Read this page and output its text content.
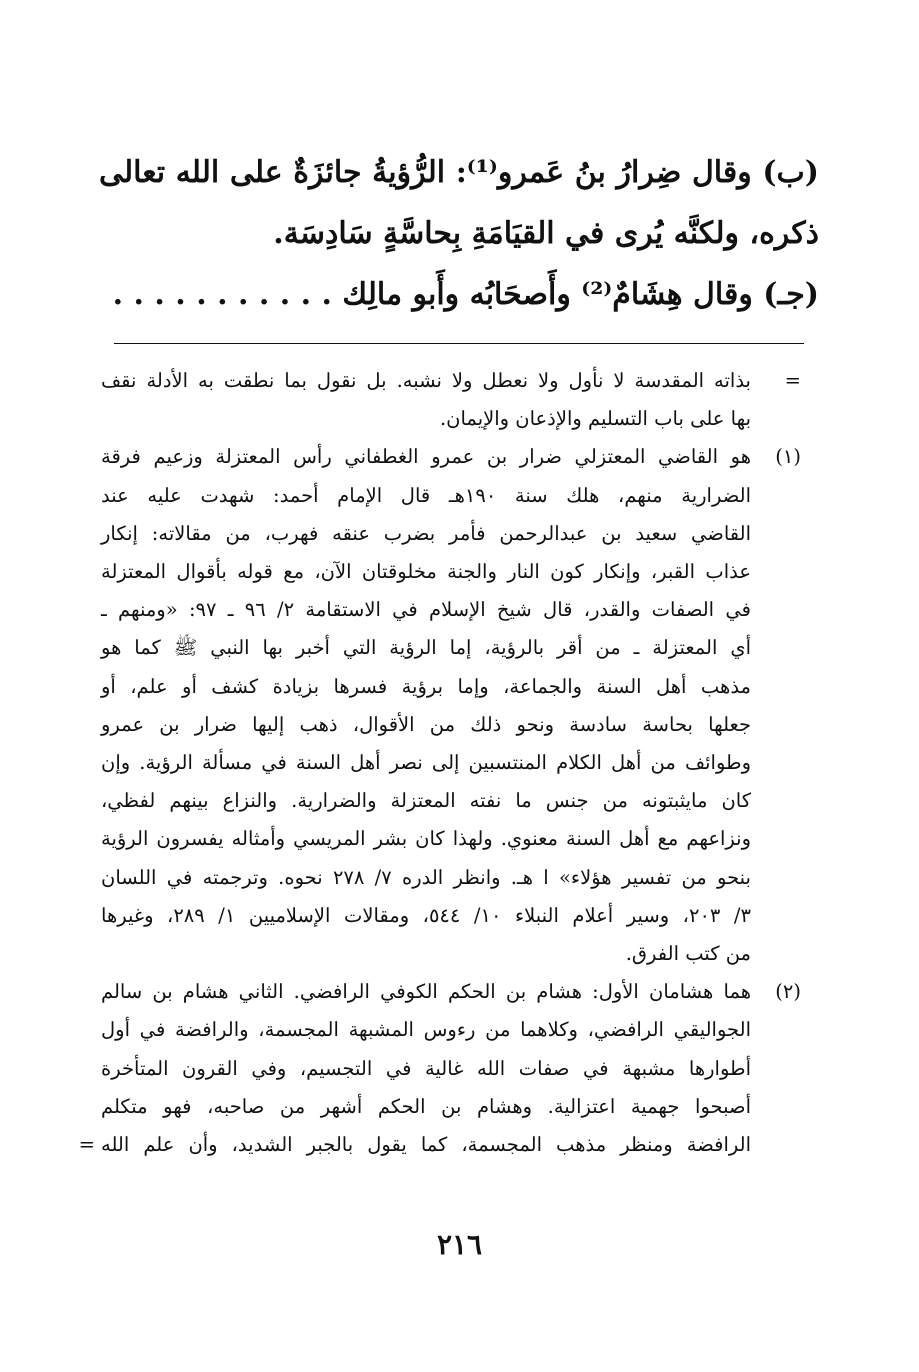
(ب) وقال ضِرارُ بنُ عَمرو⁽¹⁾: الرُّؤيةُ جائزَةٌ على الله تعالى
ذكره، ولكنَّه يُرى في القيَامَةِ بِحاسَّةٍ سَادِسَة.
(جـ) وقال هِشَامٌ⁽²⁾ وأَصحَابُه وأَبو مالِك . . . . . . . . . . .
=
بذاته المقدسة لا نأول ولا نعطل ولا نشبه. بل نقول بما نطقت به الأدلة نقف
بها على باب التسليم والإذعان والإيمان.
(١)
هو القاضي المعتزلي ضرار بن عمرو الغطفاني رأس المعتزلة وزعيم فرقة
الضرارية منهم، هلك سنة ١٩٠هـ قال الإمام أحمد: شهدت عليه عند
القاضي سعيد بن عبدالرحمن فأمر بضرب عنقه فهرب، من مقالاته: إنكار
عذاب القبر، وإنكار كون النار والجنة مخلوقتان الآن، مع قوله بأقوال المعتزلة
في الصفات والقدر، قال شيخ الإسلام في الاستقامة ٢/ ٩٦ ـ ٩٧: «ومنهم ـ
أي المعتزلة ـ من أقر بالرؤية، إما الرؤية التي أخبر بها النبي ﷺ كما هو
مذهب أهل السنة والجماعة، وإما برؤية فسرها بزيادة كشف أو علم، أو
جعلها بحاسة سادسة ونحو ذلك من الأقوال، ذهب إليها ضرار بن عمرو
وطوائف من أهل الكلام المنتسبين إلى نصر أهل السنة في مسألة الرؤية. وإن
كان مايثبتونه من جنس ما نفته المعتزلة والضرارية. والنزاع بينهم لفظي،
ونزاعهم مع أهل السنة معنوي. ولهذا كان بشر المريسي وأمثاله يفسرون الرؤية
بنحو من تفسير هؤلاء» ا هـ. وانظر الدره ٧/ ٢٧٨ نحوه. وترجمته في اللسان
٣/ ٢٠٣، وسير أعلام النبلاء ١٠/ ٥٤٤، ومقالات الإسلاميين ١/ ٢٨٩، وغيرها
من كتب الفرق.
(٢)
هما هشامان الأول: هشام بن الحكم الكوفي الرافضي. الثاني هشام بن سالم
الجواليقي الرافضي، وكلاهما من رءوس المشبهة المجسمة، والرافضة في أول
أطوارها مشبهة في صفات الله غالية في التجسيم، وفي القرون المتأخرة
أصبحوا جهمية اعتزالية. وهشام بن الحكم أشهر من صاحبه، فهو متكلم
الرافضة ومنظر مذهب المجسمة، كما يقول بالجبر الشديد، وأن علم الله
=
٢١٦
